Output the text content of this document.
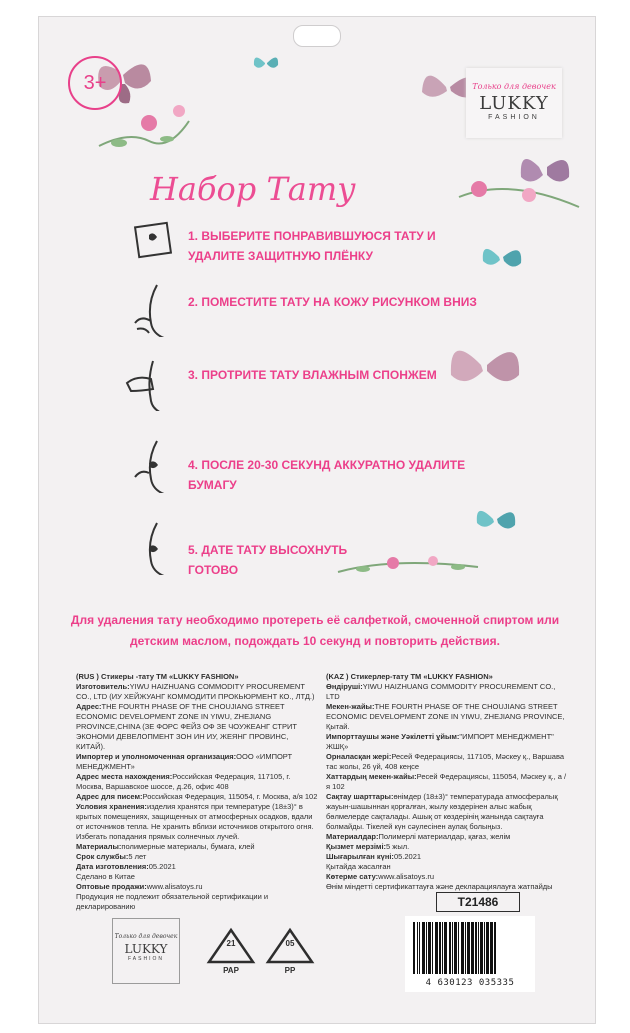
3+	Только для девочек
LUKKY
FASHION
Набор Тату
1. ВЫБЕРИТЕ ПОНРАВИВШУЮСЯ ТАТУ И УДАЛИТЕ ЗАЩИТНУЮ ПЛЁНКУ
2. ПОМЕСТИТЕ ТАТУ НА КОЖУ РИСУНКОМ ВНИЗ
3. ПРОТРИТЕ ТАТУ ВЛАЖНЫМ СПОНЖЕМ
4. ПОСЛЕ 20-30 СЕКУНД АККУРАТНО УДАЛИТЕ БУМАГУ
5. ДАТЕ ТАТУ ВЫСОХНУТЬ ГОТОВО
Для удаления тату необходимо протереть её салфеткой, смоченной спиртом или детским маслом, подождать 10 секунд и повторить действия.

(RUS ) Стикеры -тату ТМ «LUKKY FASHION»

Изготовитель:YIWU HAIZHUANG COMMODITY PROCUREMENT CO., LTD (ИУ ХЕЙЖУАНГ КОММОДИТИ ПРОКЬЮРМЕНТ КО., ЛТД.)

Адрес:THE FOURTH PHASE OF THE CHOUJIANG STREET ECONOMIC DEVELOPMENT ZONE IN YIWU, ZHEJIANG PROVINCE,CHINA (ЗЕ ФОРС ФЕЙЗ ОФ ЗЕ ЧОУЖЕАНГ СТРИТ ЭКОНОМИ ДЕВЕЛОПМЕНТ ЗОН ИН ИУ, ЖЕЯНГ ПРОВИНС, КИТАЙ).

Импортер и уполномоченная организация:ООО «ИМПОРТ МЕНЕДЖМЕНТ»

Адрес места нахождения:Российская Федерация, 117105, г. Москва, Варшавское шоссе, д.26, офис 408

Адрес для писем:Российская Федерация, 115054, г. Москва, а/я 102

Условия хранения:изделия хранятся при температуре (18±3)° в крытых помещениях, защищенных от атмосферных осадков, вдали от источников тепла. Не хранить вблизи источников открытого огня. Избегать попадания прямых солнечных лучей.

Материалы:полимерные материалы, бумага, клей

Срок службы:5 лет

Дата изготовления:05.2021

Сделано в Китае

Оптовые продажи:www.alisatoys.ru

Продукция не подлежит обязательной сертификации и декларированию

(KAZ ) Стикерлер-тату ТМ «LUKKY FASHION»

Өндіруші:YIWU HAIZHUANG COMMODITY PROCUREMENT CO., LTD

Мекен-жайы:THE FOURTH PHASE OF THE CHOUJIANG STREET ECONOMIC DEVELOPMENT ZONE IN YIWU, ZHEJIANG PROVINCE, Қытай.

Импорттаушы және Уәкілетті ұйым:"ИМПОРТ МЕНЕДЖМЕНТ" ЖШҚ»

Орналасқан жері:Ресей Федерациясы, 117105, Мәскеу қ., Варшава тас жолы, 26 үй, 408 кеңсе

Хаттардың мекен-жайы:Ресей Федерациясы, 115054, Мәскеу қ., а / я 102

Сақтау шарттары:өнімдер (18±3)° температурада атмосфералық жауын-шашыннан қорғалған, жылу көздерінен алыс жабық бөлмелерде сақталады. Ашық от көздерінің жанында сақтауға болмайды. Тікелей күн сәулесінен аулақ болыңыз.

Материалдар:Полимерлі материалдар, қағаз, желім

Қызмет мерзімі:5 жыл.

Шығарылған күні:05.2021

Қытайда жасалған

Көтерме сату:www.alisatoys.ru

Өнім міндетті сертификаттауға және декларациялауға жатпайды

T21486
4 630123 035335
Только для девочек
LUKKY
FASHION
21
PAP
05
PP
